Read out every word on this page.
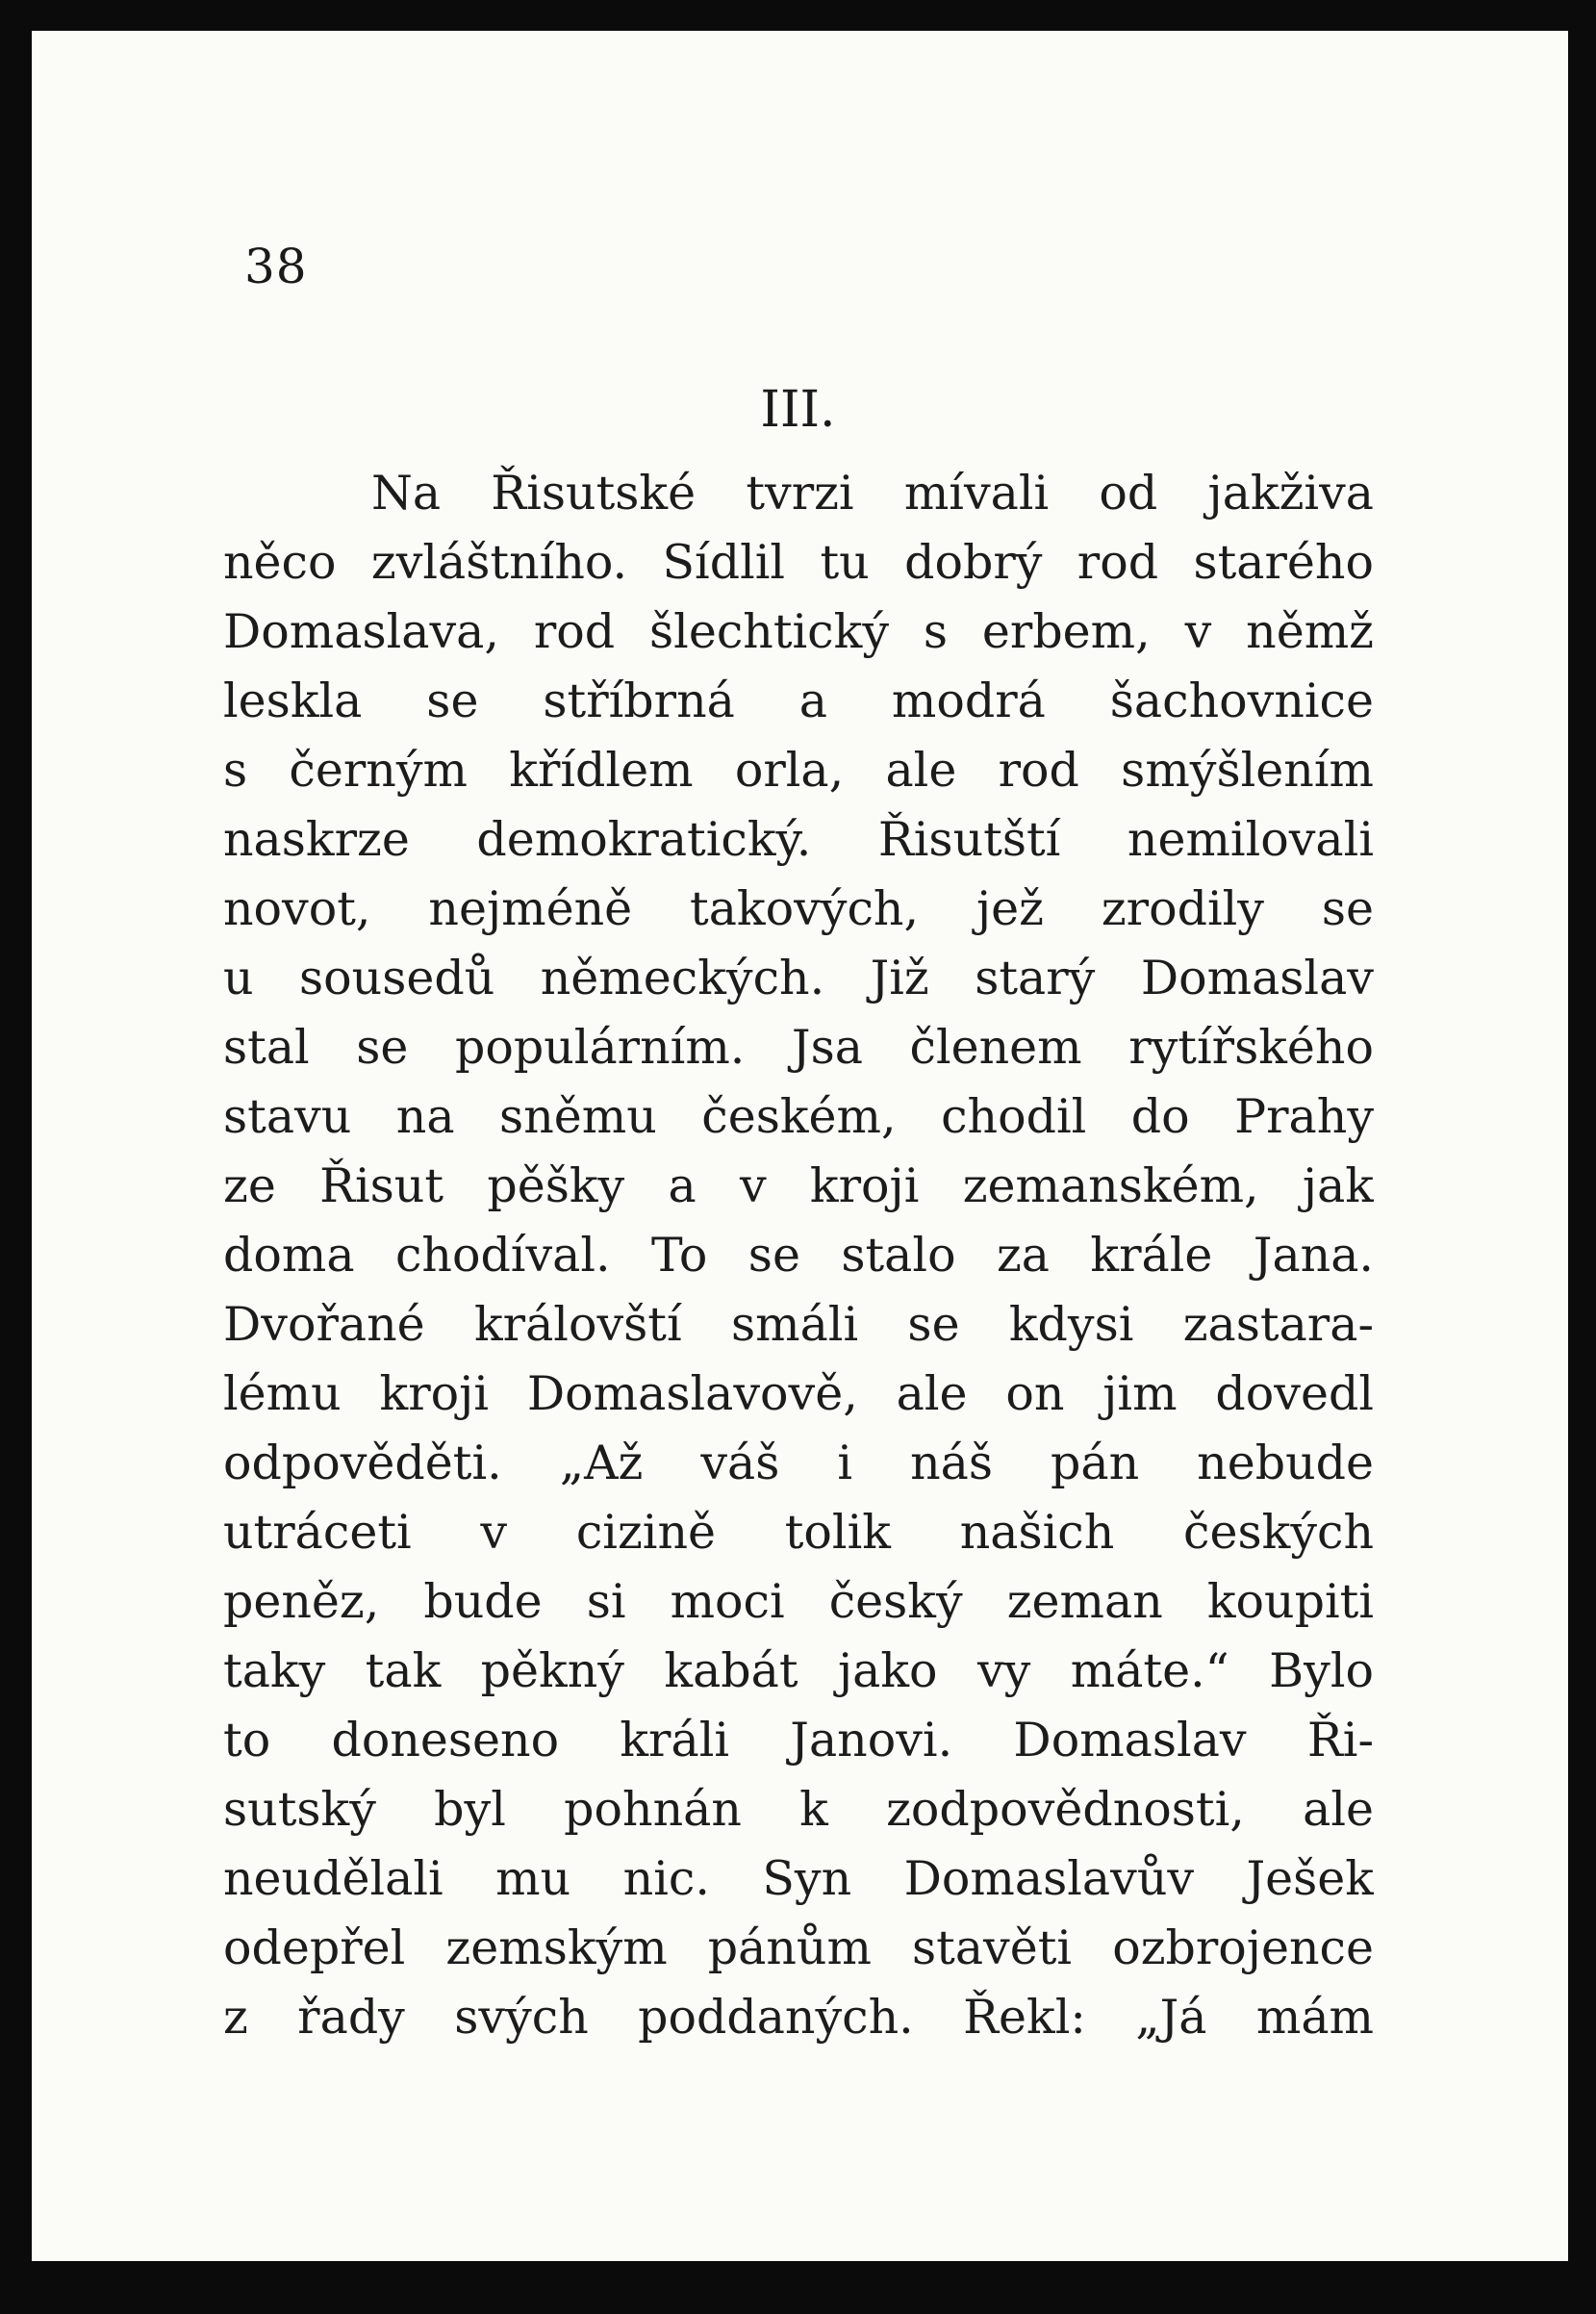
38
III.
Na Řisutské tvrzi mívali od jakživa
něco zvláštního. Sídlil tu dobrý rod starého
Domaslava, rod šlechtický s erbem, v němž
leskla se stříbrná a modrá šachovnice
s černým křídlem orla, ale rod smýšlením
naskrze demokratický. Řisutští nemilovali
novot, nejméně takových, jež zrodily se
u sousedů německých. Již starý Domaslav
stal se populárním. Jsa členem rytířského
stavu na sněmu českém, chodil do Prahy
ze Řisut pěšky a v kroji zemanském, jak
doma chodíval. To se stalo za krále Jana.
Dvořané královští smáli se kdysi zastara-
lému kroji Domaslavově, ale on jim dovedl
odpověděti. „Až váš i náš pán nebude
utráceti v cizině tolik našich českých
peněz, bude si moci český zeman koupiti
taky tak pěkný kabát jako vy máte.“ Bylo
to doneseno králi Janovi. Domaslav Ři-
sutský byl pohnán k zodpovědnosti, ale
neudělali mu nic. Syn Domaslavův Ješek
odepřel zemským pánům stavěti ozbrojence
z řady svých poddaných. Řekl: „Já mám
